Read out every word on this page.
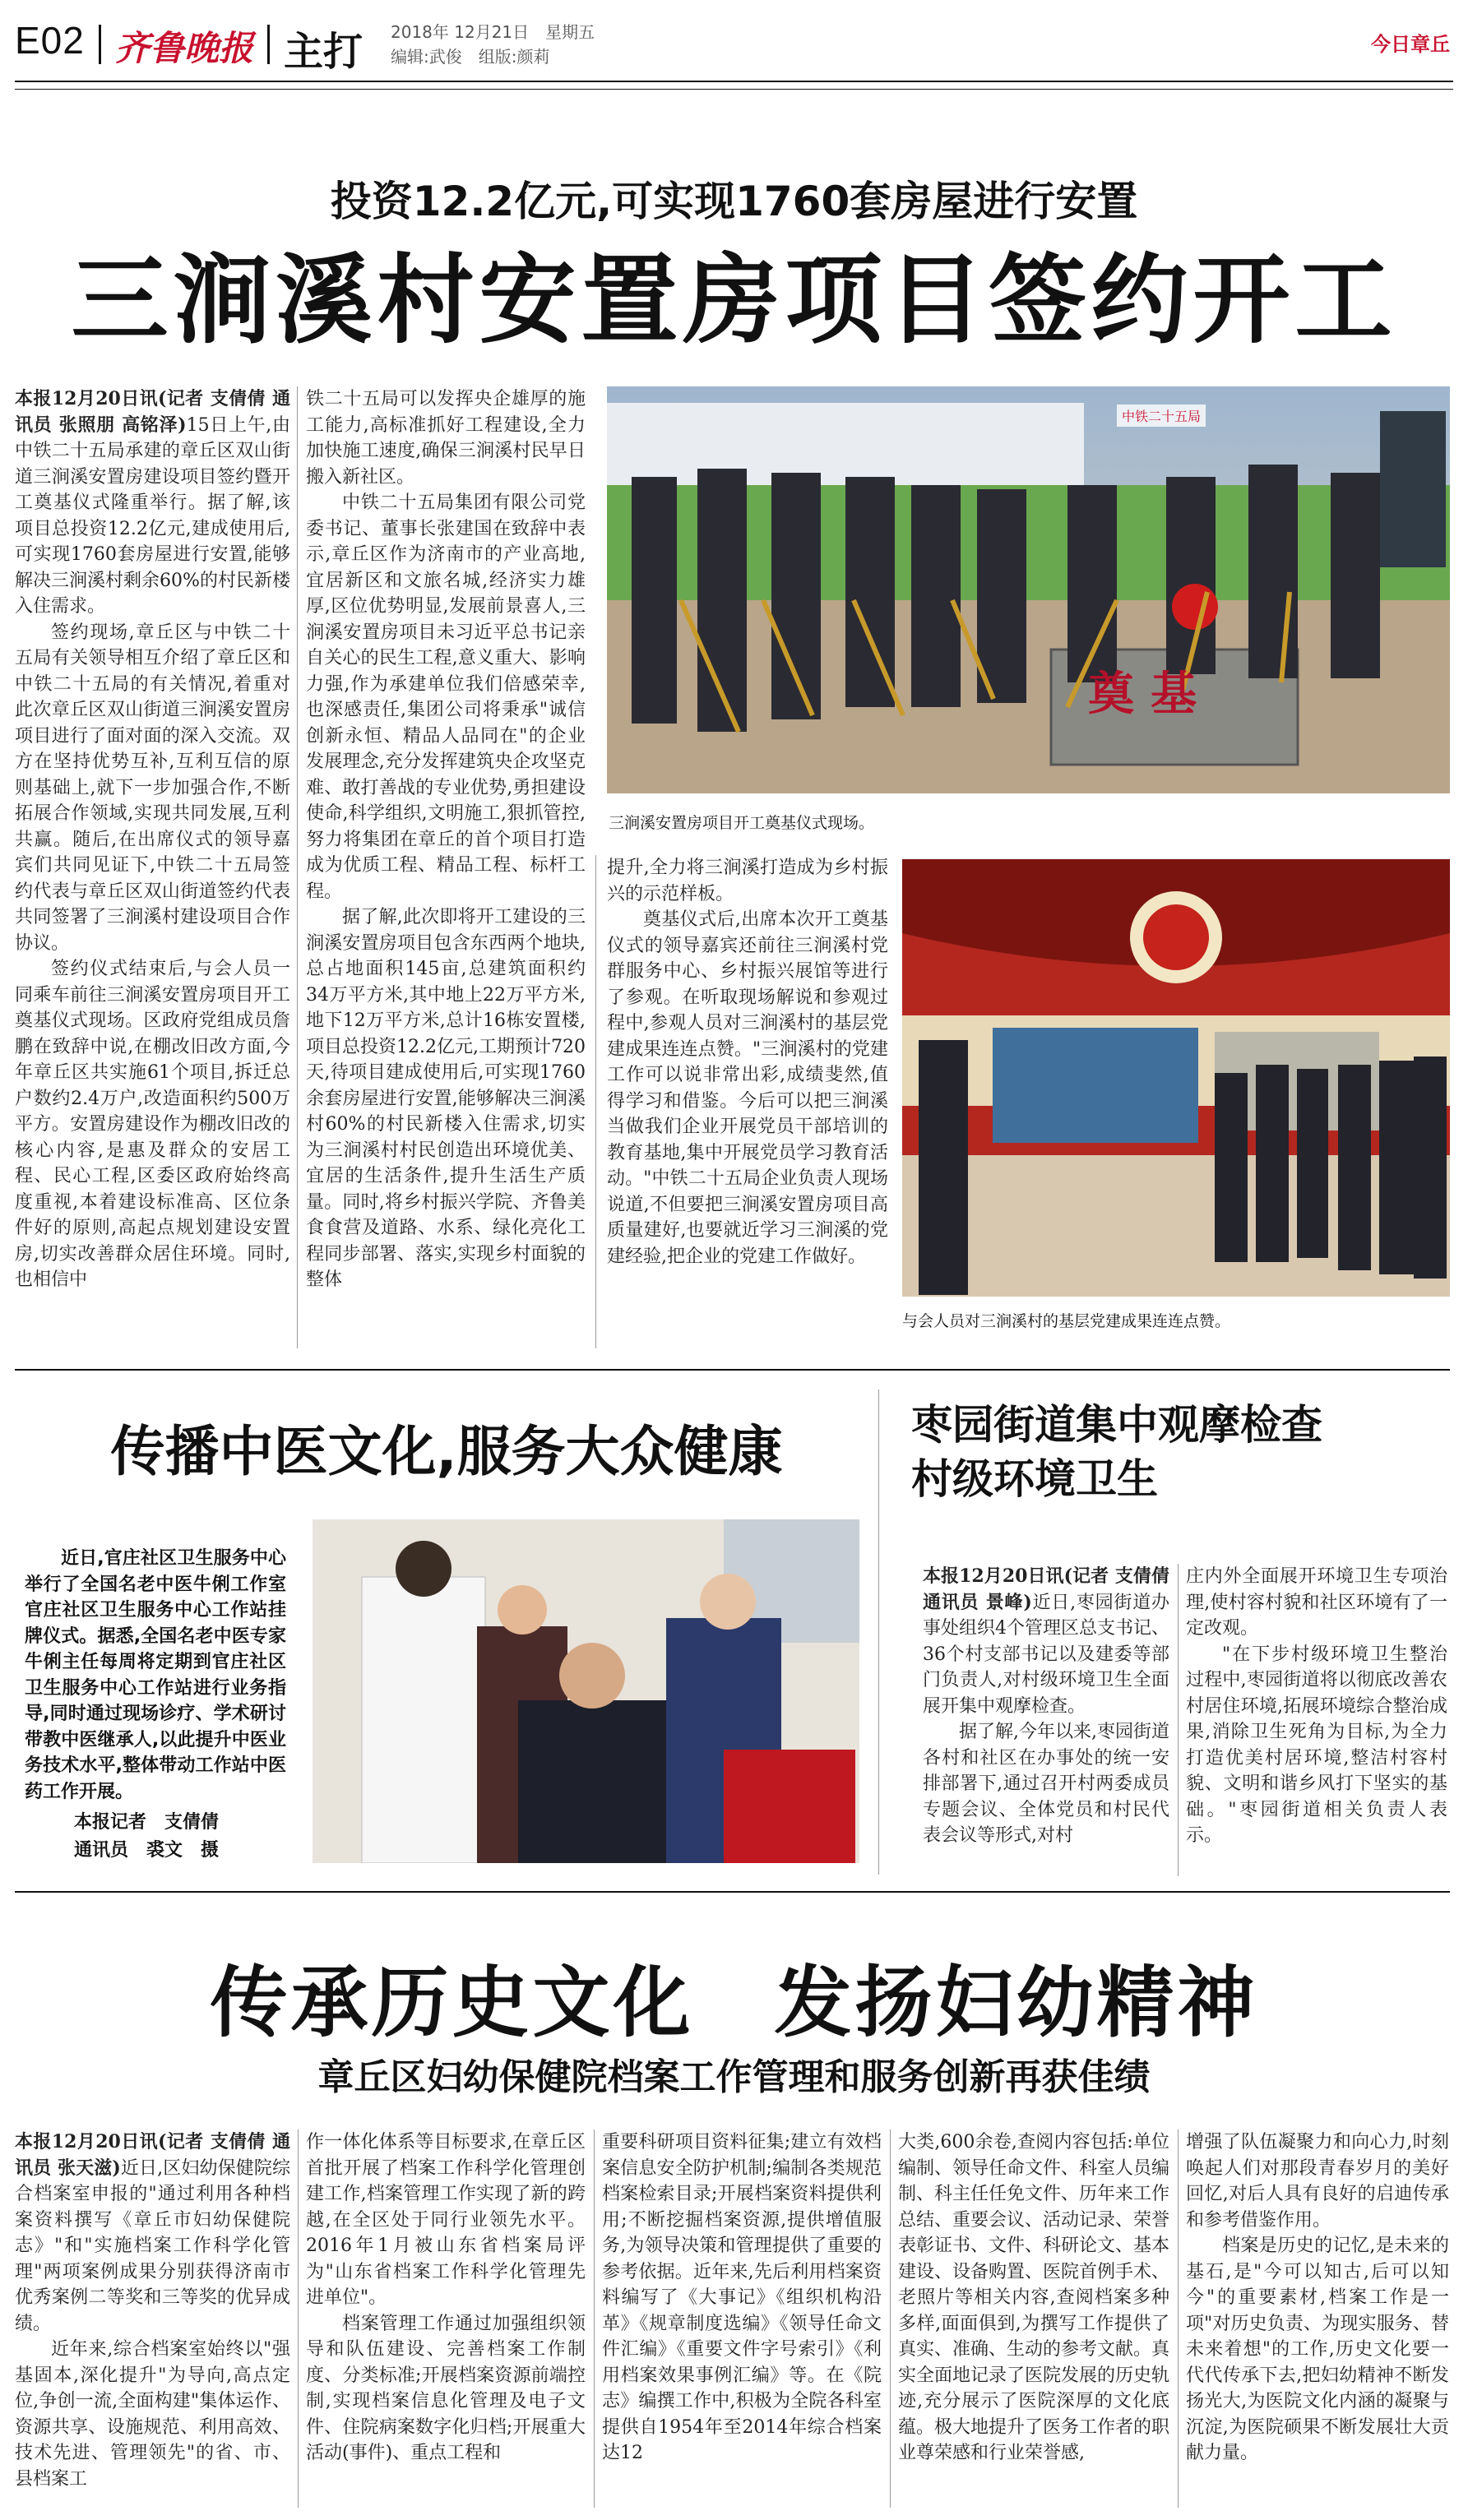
E02 齐鲁晚报 主打 2018年 12月21日　星期五
编辑:武俊　组版:颜莉
今日章丘
投资12.2亿元,可实现1760套房屋进行安置
三涧溪村安置房项目签约开工

本报12月20日讯(记者 支倩倩 通讯员 张照朋 高铭泽)15日上午,由中铁二十五局承建的章丘区双山街道三涧溪安置房建设项目签约暨开工奠基仪式隆重举行。据了解,该项目总投资12.2亿元,建成使用后,可实现1760套房屋进行安置,能够解决三涧溪村剩余60%的村民新楼入住需求。

签约现场,章丘区与中铁二十五局有关领导相互介绍了章丘区和中铁二十五局的有关情况,着重对此次章丘区双山街道三涧溪安置房项目进行了面对面的深入交流。双方在坚持优势互补,互利互信的原则基础上,就下一步加强合作,不断拓展合作领域,实现共同发展,互利共赢。随后,在出席仪式的领导嘉宾们共同见证下,中铁二十五局签约代表与章丘区双山街道签约代表共同签署了三涧溪村建设项目合作协议。

签约仪式结束后,与会人员一同乘车前往三涧溪安置房项目开工奠基仪式现场。区政府党组成员詹鹏在致辞中说,在棚改旧改方面,今年章丘区共实施61个项目,拆迁总户数约2.4万户,改造面积约500万平方。安置房建设作为棚改旧改的核心内容,是惠及群众的安居工程、民心工程,区委区政府始终高度重视,本着建设标准高、区位条件好的原则,高起点规划建设安置房,切实改善群众居住环境。同时,也相信中

铁二十五局可以发挥央企雄厚的施工能力,高标准抓好工程建设,全力加快施工速度,确保三涧溪村民早日搬入新社区。

中铁二十五局集团有限公司党委书记、董事长张建国在致辞中表示,章丘区作为济南市的产业高地,宜居新区和文旅名城,经济实力雄厚,区位优势明显,发展前景喜人,三涧溪安置房项目未习近平总书记亲自关心的民生工程,意义重大、影响力强,作为承建单位我们倍感荣幸,也深感责任,集团公司将秉承"诚信创新永恒、精品人品同在"的企业发展理念,充分发挥建筑央企攻坚克难、敢打善战的专业优势,勇担建设使命,科学组织,文明施工,狠抓管控,努力将集团在章丘的首个项目打造成为优质工程、精品工程、标杆工程。

据了解,此次即将开工建设的三涧溪安置房项目包含东西两个地块,总占地面积145亩,总建筑面积约34万平方米,其中地上22万平方米,地下12万平方米,总计16栋安置楼,项目总投资12.2亿元,工期预计720天,待项目建成使用后,可实现1760余套房屋进行安置,能够解决三涧溪村60%的村民新楼入住需求,切实为三涧溪村村民创造出环境优美、宜居的生活条件,提升生活生产质量。同时,将乡村振兴学院、齐鲁美食食营及道路、水系、绿化亮化工程同步部署、落实,实现乡村面貌的整体

中铁二十五局
奠基
三涧溪安置房项目开工奠基仪式现场。

提升,全力将三涧溪打造成为乡村振兴的示范样板。

奠基仪式后,出席本次开工奠基仪式的领导嘉宾还前往三涧溪村党群服务中心、乡村振兴展馆等进行了参观。在听取现场解说和参观过程中,参观人员对三涧溪村的基层党建成果连连点赞。"三涧溪村的党建工作可以说非常出彩,成绩斐然,值得学习和借鉴。今后可以把三涧溪当做我们企业开展党员干部培训的教育基地,集中开展党员学习教育活动。"中铁二十五局企业负责人现场说道,不但要把三涧溪安置房项目高质量建好,也要就近学习三涧溪的党建经验,把企业的党建工作做好。

与会人员对三涧溪村的基层党建成果连连点赞。
传播中医文化,服务大众健康
近日,官庄社区卫生服务中心举行了全国名老中医牛俐工作室官庄社区卫生服务中心工作站挂牌仪式。据悉,全国名老中医专家牛俐主任每周将定期到官庄社区卫生服务中心工作站进行业务指导,同时通过现场诊疗、学术研讨带教中医继承人,以此提升中医业务技术水平,整体带动工作站中医药工作开展。
本报记者　支倩倩
通讯员　裘文　摄
枣园街道集中观摩检查
村级环境卫生

本报12月20日讯(记者 支倩倩 通讯员 景峰)近日,枣园街道办事处组织4个管理区总支书记、36个村支部书记以及建委等部门负责人,对村级环境卫生全面展开集中观摩检查。

据了解,今年以来,枣园街道各村和社区在办事处的统一安排部署下,通过召开村两委成员专题会议、全体党员和村民代表会议等形式,对村

庄内外全面展开环境卫生专项治理,使村容村貌和社区环境有了一定改观。

"在下步村级环境卫生整治过程中,枣园街道将以彻底改善农村居住环境,拓展环境综合整治成果,消除卫生死角为目标,为全力打造优美村居环境,整洁村容村貌、文明和谐乡风打下坚实的基础。"枣园街道相关负责人表示。

传承历史文化　发扬妇幼精神
章丘区妇幼保健院档案工作管理和服务创新再获佳绩

本报12月20日讯(记者 支倩倩 通讯员 张天滋)近日,区妇幼保健院综合档案室申报的"通过利用各种档案资料撰写《章丘市妇幼保健院志》"和"实施档案工作科学化管理"两项案例成果分别获得济南市优秀案例二等奖和三等奖的优异成绩。

近年来,综合档案室始终以"强基固本,深化提升"为导向,高点定位,争创一流,全面构建"集体运作、资源共享、设施规范、利用高效、技术先进、管理领先"的省、市、县档案工

作一体化体系等目标要求,在章丘区首批开展了档案工作科学化管理创建工作,档案管理工作实现了新的跨越,在全区处于同行业领先水平。2016年1月被山东省档案局评为"山东省档案工作科学化管理先进单位"。

档案管理工作通过加强组织领导和队伍建设、完善档案工作制度、分类标准;开展档案资源前端控制,实现档案信息化管理及电子文件、住院病案数字化归档;开展重大活动(事件)、重点工程和

重要科研项目资料征集;建立有效档案信息安全防护机制;编制各类规范档案检索目录;开展档案资料提供利用;不断挖掘档案资源,提供增值服务,为领导决策和管理提供了重要的参考依据。近年来,先后利用档案资料编写了《大事记》《组织机构沿革》《规章制度选编》《领导任命文件汇编》《重要文件字号索引》《利用档案效果事例汇编》等。在《院志》编撰工作中,积极为全院各科室提供自1954年至2014年综合档案达12

大类,600余卷,查阅内容包括:单位编制、领导任命文件、科室人员编制、科主任任免文件、历年来工作总结、重要会议、活动记录、荣誉表彰证书、文件、科研论文、基本建设、设备购置、医院首例手术、老照片等相关内容,查阅档案多种多样,面面俱到,为撰写工作提供了真实、准确、生动的参考文献。真实全面地记录了医院发展的历史轨迹,充分展示了医院深厚的文化底蕴。极大地提升了医务工作者的职业尊荣感和行业荣誉感,

增强了队伍凝聚力和向心力,时刻唤起人们对那段青春岁月的美好回忆,对后人具有良好的启迪传承和参考借鉴作用。

档案是历史的记忆,是未来的基石,是"今可以知古,后可以知今"的重要素材,档案工作是一项"对历史负责、为现实服务、替未来着想"的工作,历史文化要一代代传承下去,把妇幼精神不断发扬光大,为医院文化内涵的凝聚与沉淀,为医院硕果不断发展壮大贡献力量。
